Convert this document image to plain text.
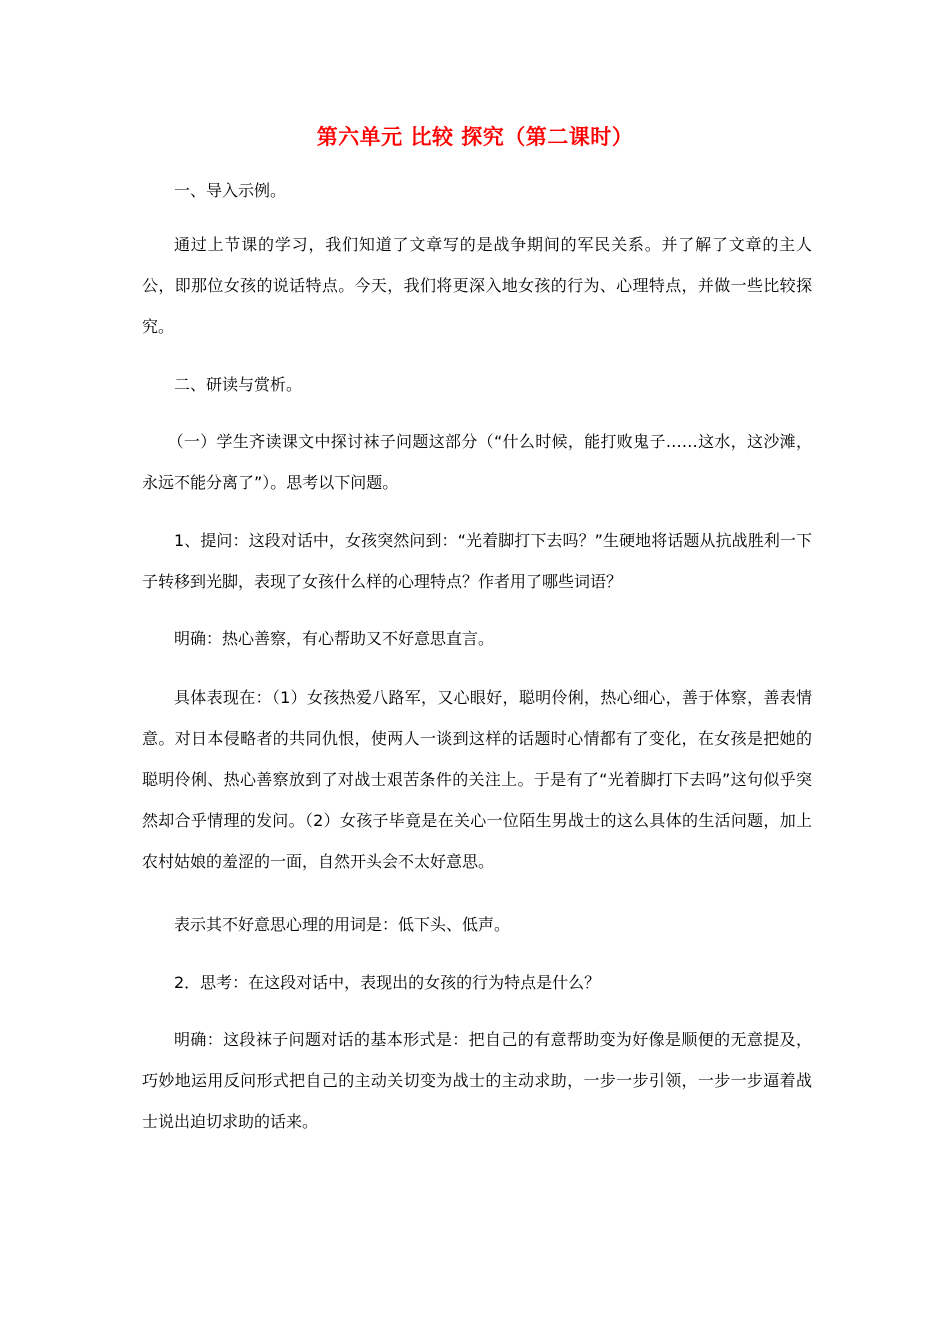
第六单元 比较 探究（第二课时）
一、导入示例。
通过上节课的学习，我们知道了文章写的是战争期间的军民关系。并了解了文章的主人公，即那位女孩的说话特点。今天，我们将更深入地女孩的行为、心理特点，并做一些比较探究。
二、研读与赏析。
（一）学生齐读课文中探讨袜子问题这部分（“什么时候，能打败鬼子……这水，这沙滩，永远不能分离了”）。思考以下问题。
1、提问：这段对话中，女孩突然问到：“光着脚打下去吗？”生硬地将话题从抗战胜利一下子转移到光脚，表现了女孩什么样的心理特点？作者用了哪些词语？
明确：热心善察，有心帮助又不好意思直言。
具体表现在：（1）女孩热爱八路军，又心眼好，聪明伶俐，热心细心，善于体察，善表情意。对日本侵略者的共同仇恨，使两人一谈到这样的话题时心情都有了变化，在女孩是把她的聪明伶俐、热心善察放到了对战士艰苦条件的关注上。于是有了“光着脚打下去吗”这句似乎突然却合乎情理的发问。（2）女孩子毕竟是在关心一位陌生男战士的这么具体的生活问题，加上农村姑娘的羞涩的一面，自然开头会不太好意思。
表示其不好意思心理的用词是：低下头、低声。
2．思考：在这段对话中，表现出的女孩的行为特点是什么？
明确：这段袜子问题对话的基本形式是：把自己的有意帮助变为好像是顺便的无意提及，巧妙地运用反问形式把自己的主动关切变为战士的主动求助，一步一步引领，一步一步逼着战士说出迫切求助的话来。
